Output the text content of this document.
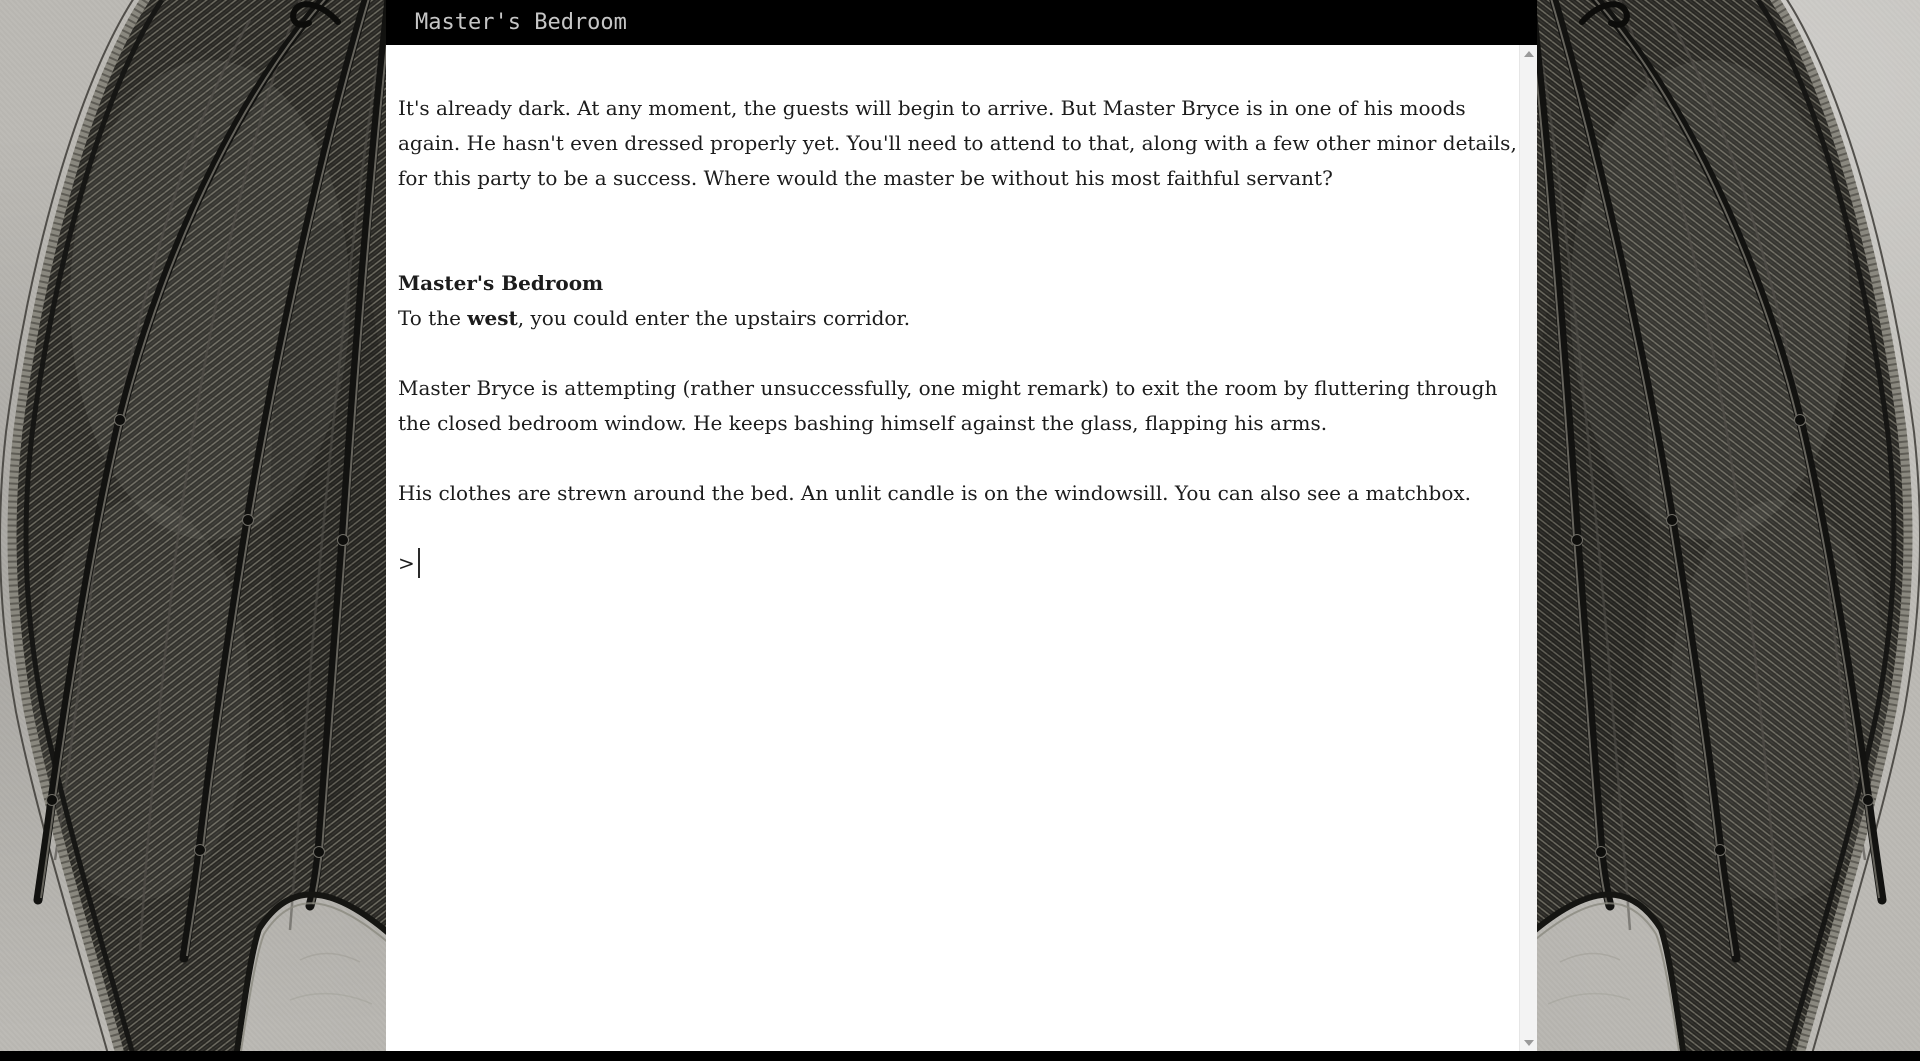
Master's Bedroom

It's already dark. At any moment, the guests will begin to arrive. But Master Bryce is in one of his moods again. He hasn't even dressed properly yet. You'll need to attend to that, along with a few other minor details, for this party to be a success. Where would the master be without his most faithful servant?

Master's Bedroom
To the west, you could enter the upstairs corridor.

Master Bryce is attempting (rather unsuccessfully, one might remark) to exit the room by fluttering through the closed bedroom window. He keeps bashing himself against the glass, flapping his arms.

His clothes are strewn around the bed. An unlit candle is on the windowsill. You can also see a matchbox.

>
